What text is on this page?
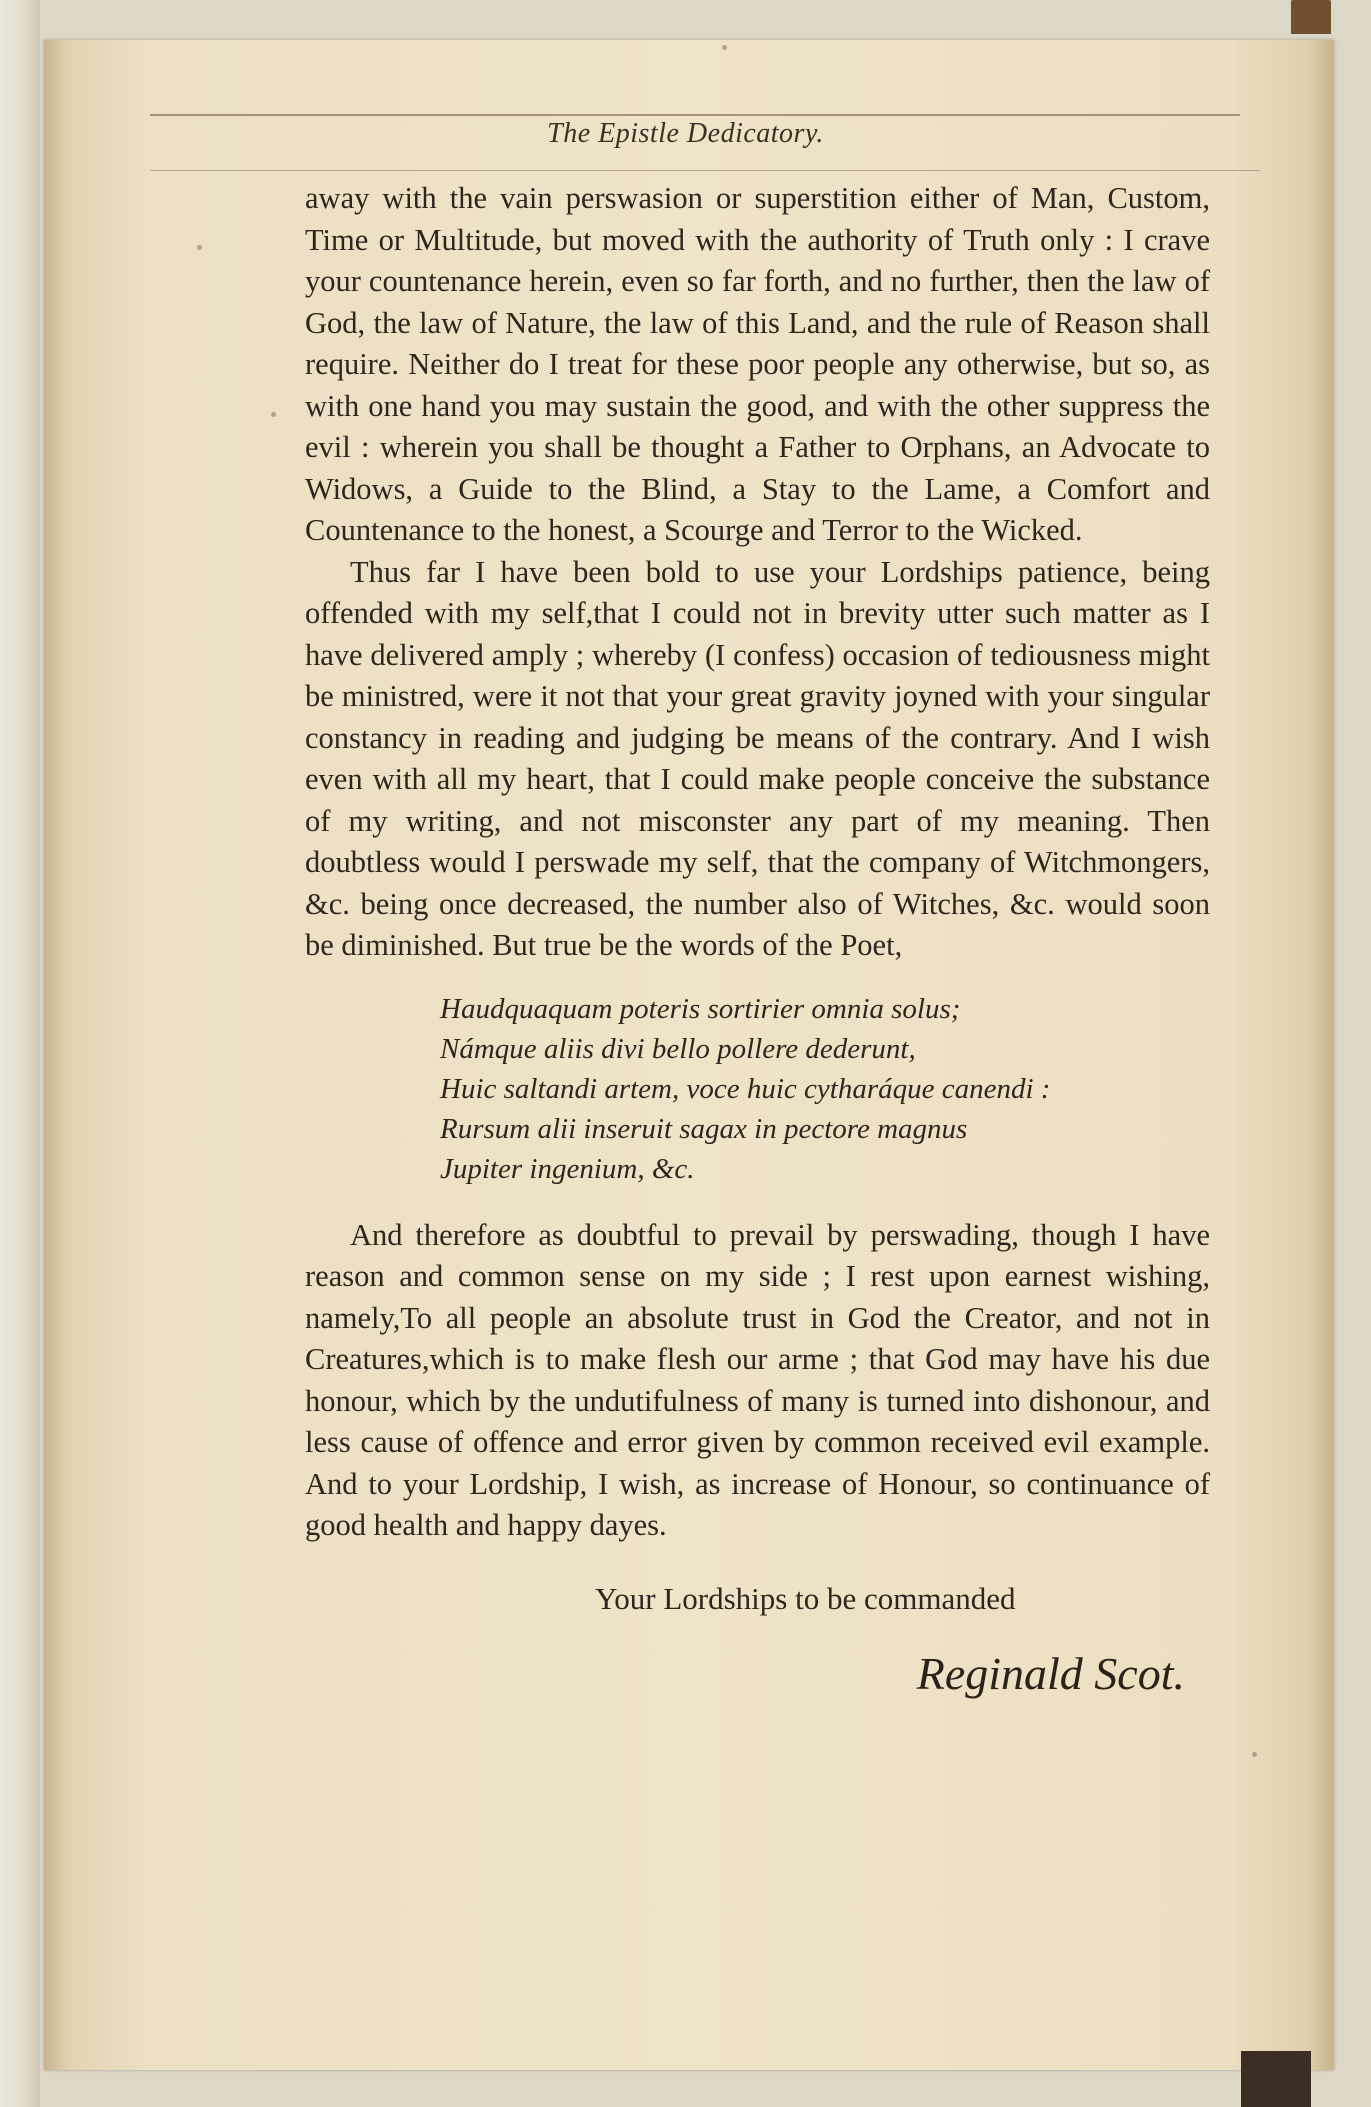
The Epistle Dedicatory.

away with the vain perswasion or superstition either of Man, Custom, Time or Multitude, but moved with the authority of Truth only : I crave your countenance herein, even so far forth, and no further, then the law of God, the law of Nature, the law of this Land, and the rule of Reason shall require. Neither do I treat for these poor people any otherwise, but so, as with one hand you may sustain the good, and with the other suppress the evil : wherein you shall be thought a Father to Orphans, an Advocate to Widows, a Guide to the Blind, a Stay to the Lame, a Comfort and Countenance to the honest, a Scourge and Terror to the Wicked.

Thus far I have been bold to use your Lordships patience, being offended with my self,that I could not in brevity utter such matter as I have delivered amply ; whereby (I confess) occasion of tediousness might be ministred, were it not that your great gravity joyned with your singular constancy in reading and judging be means of the contrary. And I wish even with all my heart, that I could make people conceive the substance of my writing, and not misconster any part of my meaning. Then doubtless would I perswade my self, that the company of Witchmongers, &c. being once decreased, the number also of Witches, &c. would soon be diminished. But true be the words of the Poet,

Haudquaquam poteris sortirier omnia solus;
Námque aliis divi bello pollere dederunt,
Huic saltandi artem, voce huic cytharáque canendi :
Rursum alii inseruit sagax in pectore magnus
Jupiter ingenium, &c.

And therefore as doubtful to prevail by perswading, though I have reason and common sense on my side ; I rest upon earnest wishing, namely,To all people an absolute trust in God the Creator, and not in Creatures,which is to make flesh our arme ; that God may have his due honour, which by the undutifulness of many is turned into dishonour, and less cause of offence and error given by common received evil example. And to your Lordship, I wish, as increase of Honour, so continuance of good health and happy dayes.

Your Lordships to be commanded
Reginald Scot.
